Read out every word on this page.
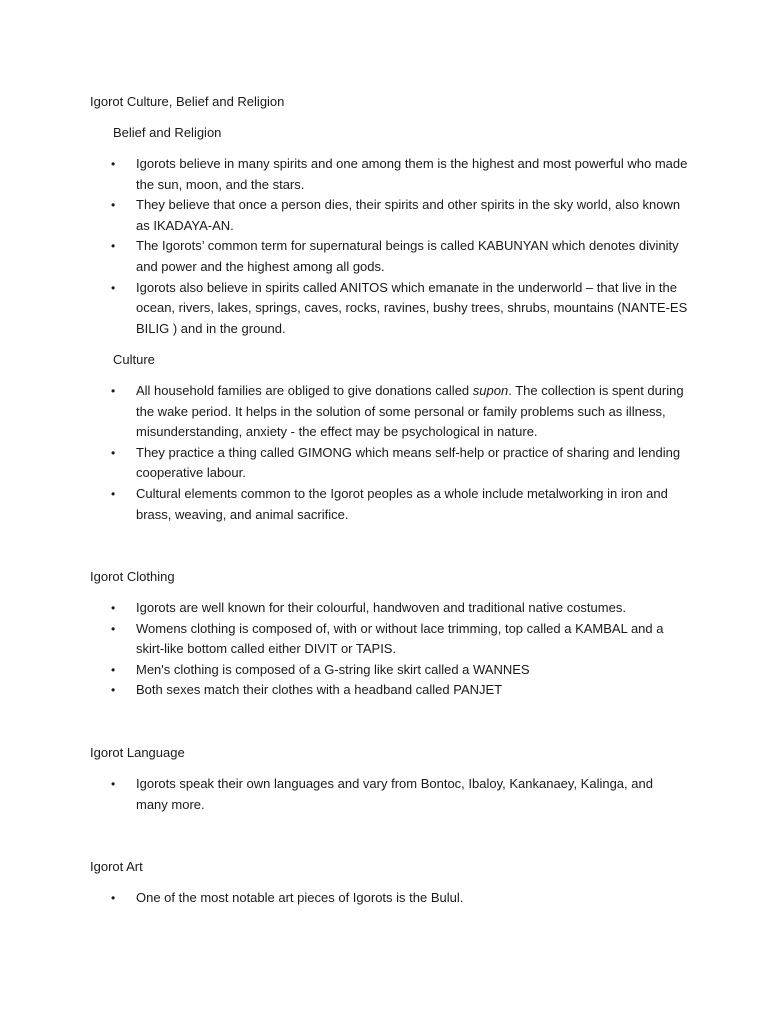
Igorot Culture, Belief and Religion
Belief and Religion
• Igorots believe in many spirits and one among them is the highest and most powerful who made the sun, moon, and the stars.
• They believe that once a person dies, their spirits and other spirits in the sky world, also known as IKADAYA-AN.
• The Igorots’ common term for supernatural beings is called KABUNYAN which denotes divinity and power and the highest among all gods.
• Igorots also believe in spirits called ANITOS which emanate in the underworld – that live in the ocean, rivers, lakes, springs, caves, rocks, ravines, bushy trees, shrubs, mountains (NANTE-ES BILIG ) and in the ground.
Culture
• All household families are obliged to give donations called supon. The collection is spent during the wake period. It helps in the solution of some personal or family problems such as illness, misunderstanding, anxiety - the effect may be psychological in nature.
• They practice a thing called GIMONG which means self-help or practice of sharing and lending cooperative labour.
• Cultural elements common to the Igorot peoples as a whole include metalworking in iron and brass, weaving, and animal sacrifice.
Igorot Clothing
• Igorots are well known for their colourful, handwoven and traditional native costumes.
• Womens clothing is composed of, with or without lace trimming, top called a KAMBAL and a skirt-like bottom called either DIVIT or TAPIS.
• Men's clothing is composed of a G-string like skirt called a WANNES
• Both sexes match their clothes with a headband called PANJET
Igorot Language
• Igorots speak their own languages and vary from Bontoc, Ibaloy, Kankanaey, Kalinga, and many more.
Igorot Art
• One of the most notable art pieces of Igorots is the Bulul.
